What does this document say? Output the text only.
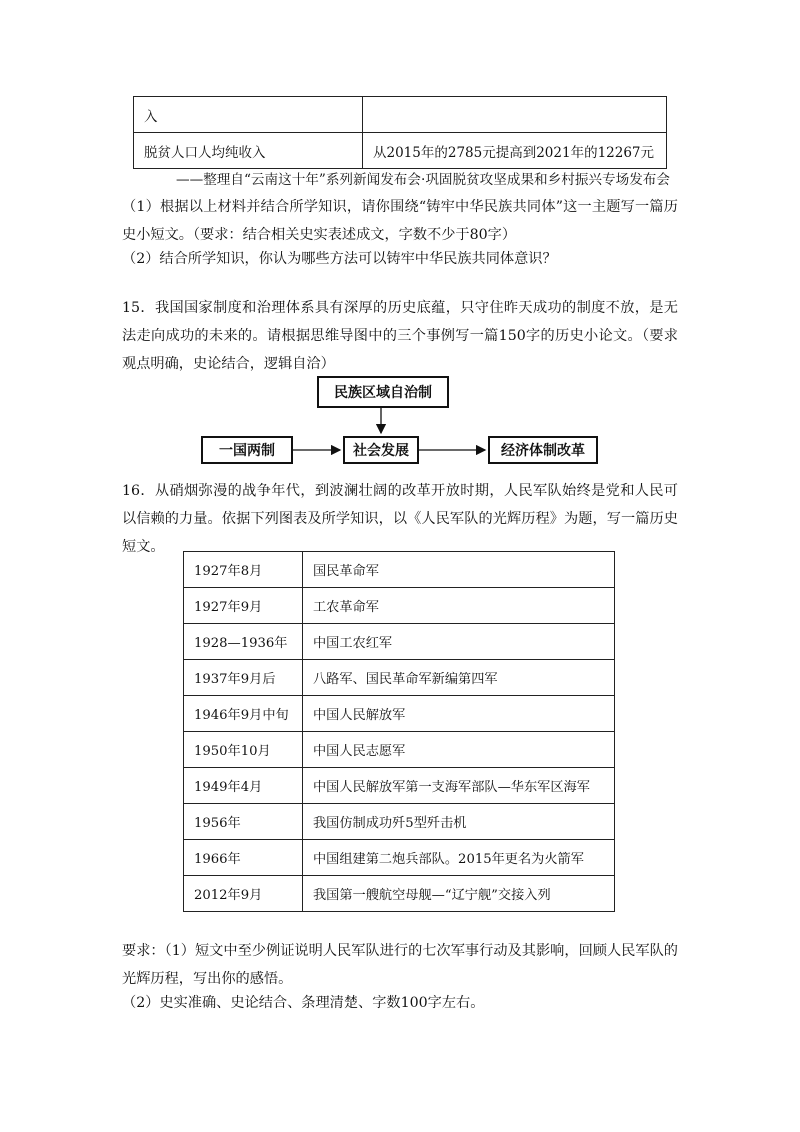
入	
脱贫人口人均纯收入	从2015年的2785元提高到2021年的12267元
——整理自“云南这十年”系列新闻发布会·巩固脱贫攻坚成果和乡村振兴专场发布会
（1）根据以上材料并结合所学知识，请你围绕“铸牢中华民族共同体”这一主题写一篇历史小短文。（要求：结合相关史实表述成文，字数不少于80字）
（2）结合所学知识，你认为哪些方法可以铸牢中华民族共同体意识？
15．我国国家制度和治理体系具有深厚的历史底蕴，只守住昨天成功的制度不放，是无法走向成功的未来的。请根据思维导图中的三个事例写一篇150字的历史小论文。（要求观点明确，史论结合，逻辑自洽）
民族区域自治制
一国两制	社会发展	经济体制改革
16．从硝烟弥漫的战争年代，到波澜壮阔的改革开放时期，人民军队始终是党和人民可以信赖的力量。依据下列图表及所学知识，以《人民军队的光辉历程》为题，写一篇历史短文。
1927年8月	国民革命军
1927年9月	工农革命军
1928—1936年	中国工农红军
1937年9月后	八路军、国民革命军新编第四军
1946年9月中旬	中国人民解放军
1950年10月	中国人民志愿军
1949年4月	中国人民解放军第一支海军部队—华东军区海军
1956年	我国仿制成功歼5型歼击机
1966年	中国组建第二炮兵部队。2015年更名为火箭军
2012年9月	我国第一艘航空母舰—“辽宁舰”交接入列
要求：（1）短文中至少例证说明人民军队进行的七次军事行动及其影响，回顾人民军队的光辉历程，写出你的感悟。
（2）史实准确、史论结合、条理清楚、字数100字左右。
